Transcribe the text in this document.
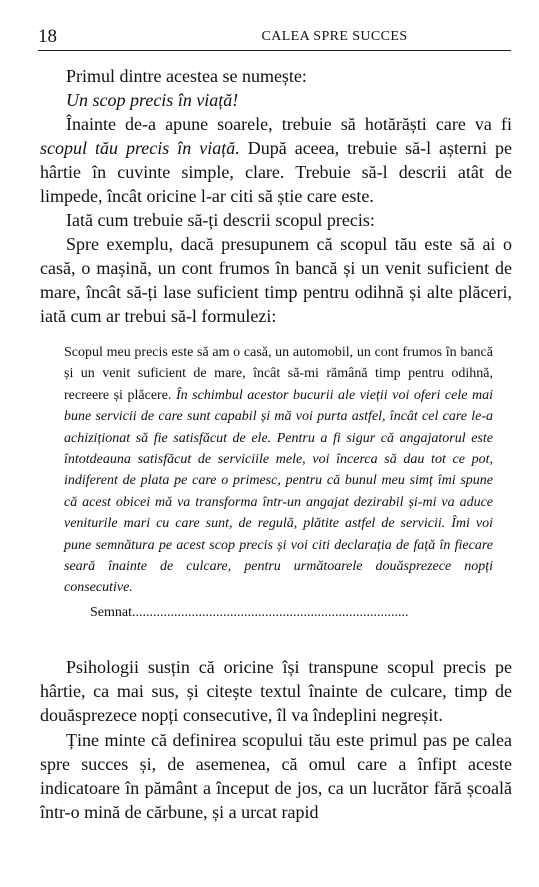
18	CALEA SPRE SUCCES

Primul dintre acestea se numește:

Un scop precis în viață!

Înainte de-a apune soarele, trebuie să hotărăști care va fi scopul tău precis în viață. După aceea, trebuie să-l așterni pe hârtie în cuvinte simple, clare. Trebuie să-l descrii atât de limpede, încât oricine l-ar citi să știe care este.

Iată cum trebuie să-ți descrii scopul precis:

Spre exemplu, dacă presupunem că scopul tău este să ai o casă, o mașină, un cont frumos în bancă și un venit suficient de mare, încât să-ți lase suficient timp pentru odihnă și alte plăceri, iată cum ar trebui să-l formulezi:

Scopul meu precis este să am o casă, un automobil, un cont frumos în bancă și un venit suficient de mare, încât să-mi rămână timp pentru odihnă, recreere și plăcere. În schimbul acestor bucurii ale vieții voi oferi cele mai bune servicii de care sunt capabil și mă voi purta astfel, încât cel care le-a achiziționat să fie satisfăcut de ele. Pentru a fi sigur că angajatorul este întotdeauna satisfăcut de serviciile mele, voi încerca să dau tot ce pot, indiferent de plata pe care o primesc, pentru că bunul meu simț îmi spune că acest obicei mă va transforma într-un angajat dezirabil și-mi va aduce veniturile mari cu care sunt, de regulă, plătite astfel de servicii. Îmi voi pune semnătura pe acest scop precis și voi citi declarația de față în fiecare seară înainte de culcare, pentru următoarele douăsprezece nopți consecutive.
Semnat...............................................................................

Psihologii susțin că oricine își transpune scopul precis pe hârtie, ca mai sus, și citește textul înainte de culcare, timp de douăsprezece nopți consecutive, îl va îndeplini negreșit.

Ține minte că definirea scopului tău este primul pas pe calea spre succes și, de asemenea, că omul care a înfipt aceste indicatoare în pământ a început de jos, ca un lucrător fără școală într-o mină de cărbune, și a urcat rapid
